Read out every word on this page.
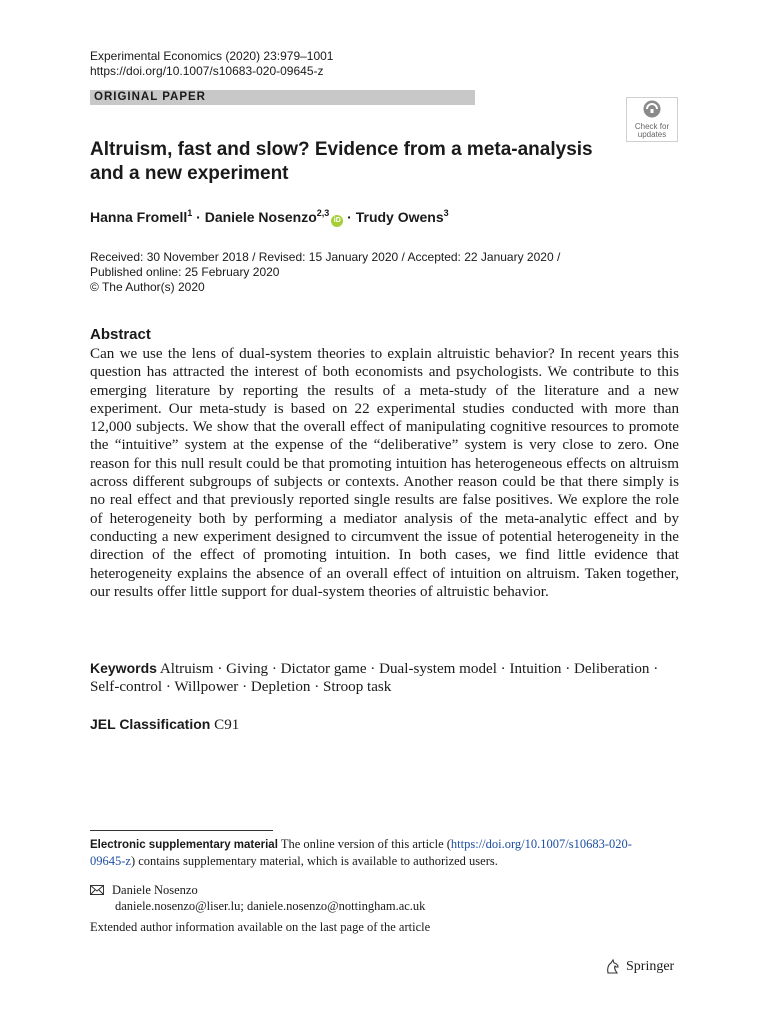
Experimental Economics (2020) 23:979–1001
https://doi.org/10.1007/s10683-020-09645-z
ORIGINAL PAPER
Check for
updates
Altruism, fast and slow? Evidence from a meta-analysis and a new experiment
Hanna Fromell$^1$ · Daniele Nosenzo$^{2,3}$iD · Trudy Owens$^3$
Received: 30 November 2018 / Revised: 15 January 2020 / Accepted: 22 January 2020 /
Published online: 25 February 2020
© The Author(s) 2020
Abstract
Can we use the lens of dual-system theories to explain altruistic behavior? In recent years this question has attracted the interest of both economists and psychologists. We contribute to this emerging literature by reporting the results of a meta-study of the literature and a new experiment. Our meta-study is based on 22 experimental studies conducted with more than 12,000 subjects. We show that the overall effect of manipulating cognitive resources to promote the “intuitive” system at the expense of the “deliberative” system is very close to zero. One reason for this null result could be that promoting intuition has heterogeneous effects on altruism across different subgroups of subjects or contexts. Another reason could be that there simply is no real effect and that previously reported single results are false positives. We explore the role of heterogeneity both by performing a mediator analysis of the meta-analytic effect and by conducting a new experiment designed to circumvent the issue of potential heterogeneity in the direction of the effect of promoting intuition. In both cases, we find little evidence that heterogeneity explains the absence of an overall effect of intuition on altruism. Taken together, our results offer little support for dual-system theories of altruistic behavior.
Keywords Altruism · Giving · Dictator game · Dual-system model · Intuition · Deliberation · Self-control · Willpower · Depletion · Stroop task
JEL Classification C91
Electronic supplementary material The online version of this article (https://doi.org/10.1007/s10683-020-09645-z) contains supplementary material, which is available to authorized users.
Daniele Nosenzo
daniele.nosenzo@liser.lu; daniele.nosenzo@nottingham.ac.uk
Extended author information available on the last page of the article
Springer
